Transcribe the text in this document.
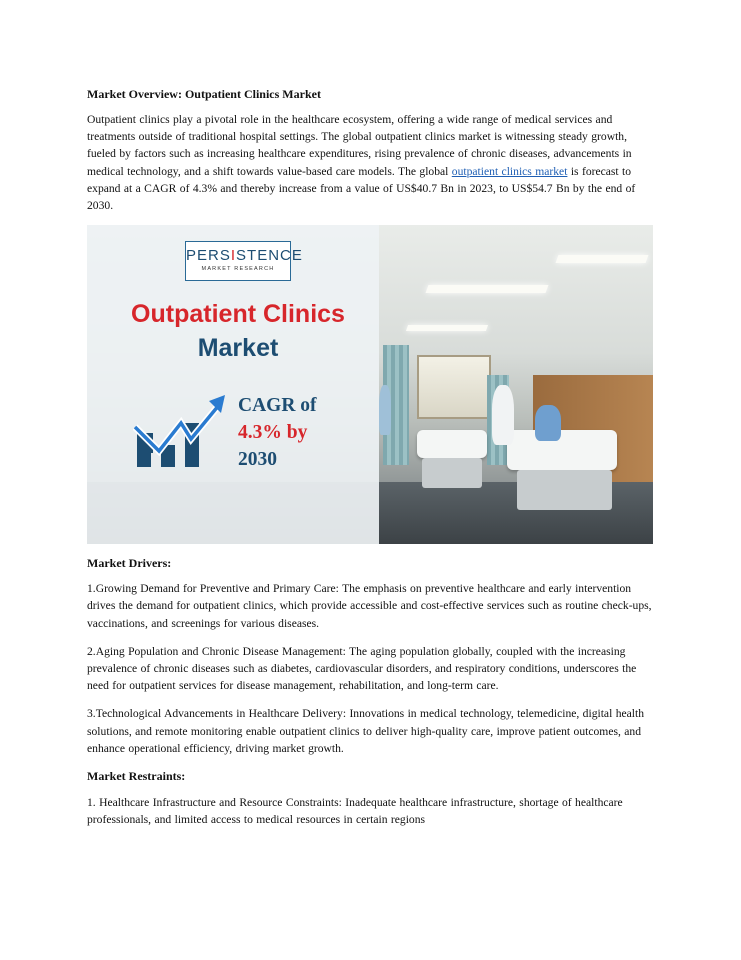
Market Overview: Outpatient Clinics Market

Outpatient clinics play a pivotal role in the healthcare ecosystem, offering a wide range of medical services and treatments outside of traditional hospital settings. The global outpatient clinics market is witnessing steady growth, fueled by factors such as increasing healthcare expenditures, rising prevalence of chronic diseases, advancements in medical technology, and a shift towards value-based care models. The global outpatient clinics market is forecast to expand at a CAGR of 4.3% and thereby increase from a value of US$40.7 Bn in 2023, to US$54.7 Bn by the end of 2030.

PERSISTENCE
MARKET RESEARCH
Outpatient Clinics
Market
CAGR of
4.3% by
2030
Market Drivers:

1.Growing Demand for Preventive and Primary Care: The emphasis on preventive healthcare and early intervention drives the demand for outpatient clinics, which provide accessible and cost-effective services such as routine check-ups, vaccinations, and screenings for various diseases.

2.Aging Population and Chronic Disease Management: The aging population globally, coupled with the increasing prevalence of chronic diseases such as diabetes, cardiovascular disorders, and respiratory conditions, underscores the need for outpatient services for disease management, rehabilitation, and long-term care.

3.Technological Advancements in Healthcare Delivery: Innovations in medical technology, telemedicine, digital health solutions, and remote monitoring enable outpatient clinics to deliver high-quality care, improve patient outcomes, and enhance operational efficiency, driving market growth.

Market Restraints:

1. Healthcare Infrastructure and Resource Constraints: Inadequate healthcare infrastructure, shortage of healthcare professionals, and limited access to medical resources in certain regions
